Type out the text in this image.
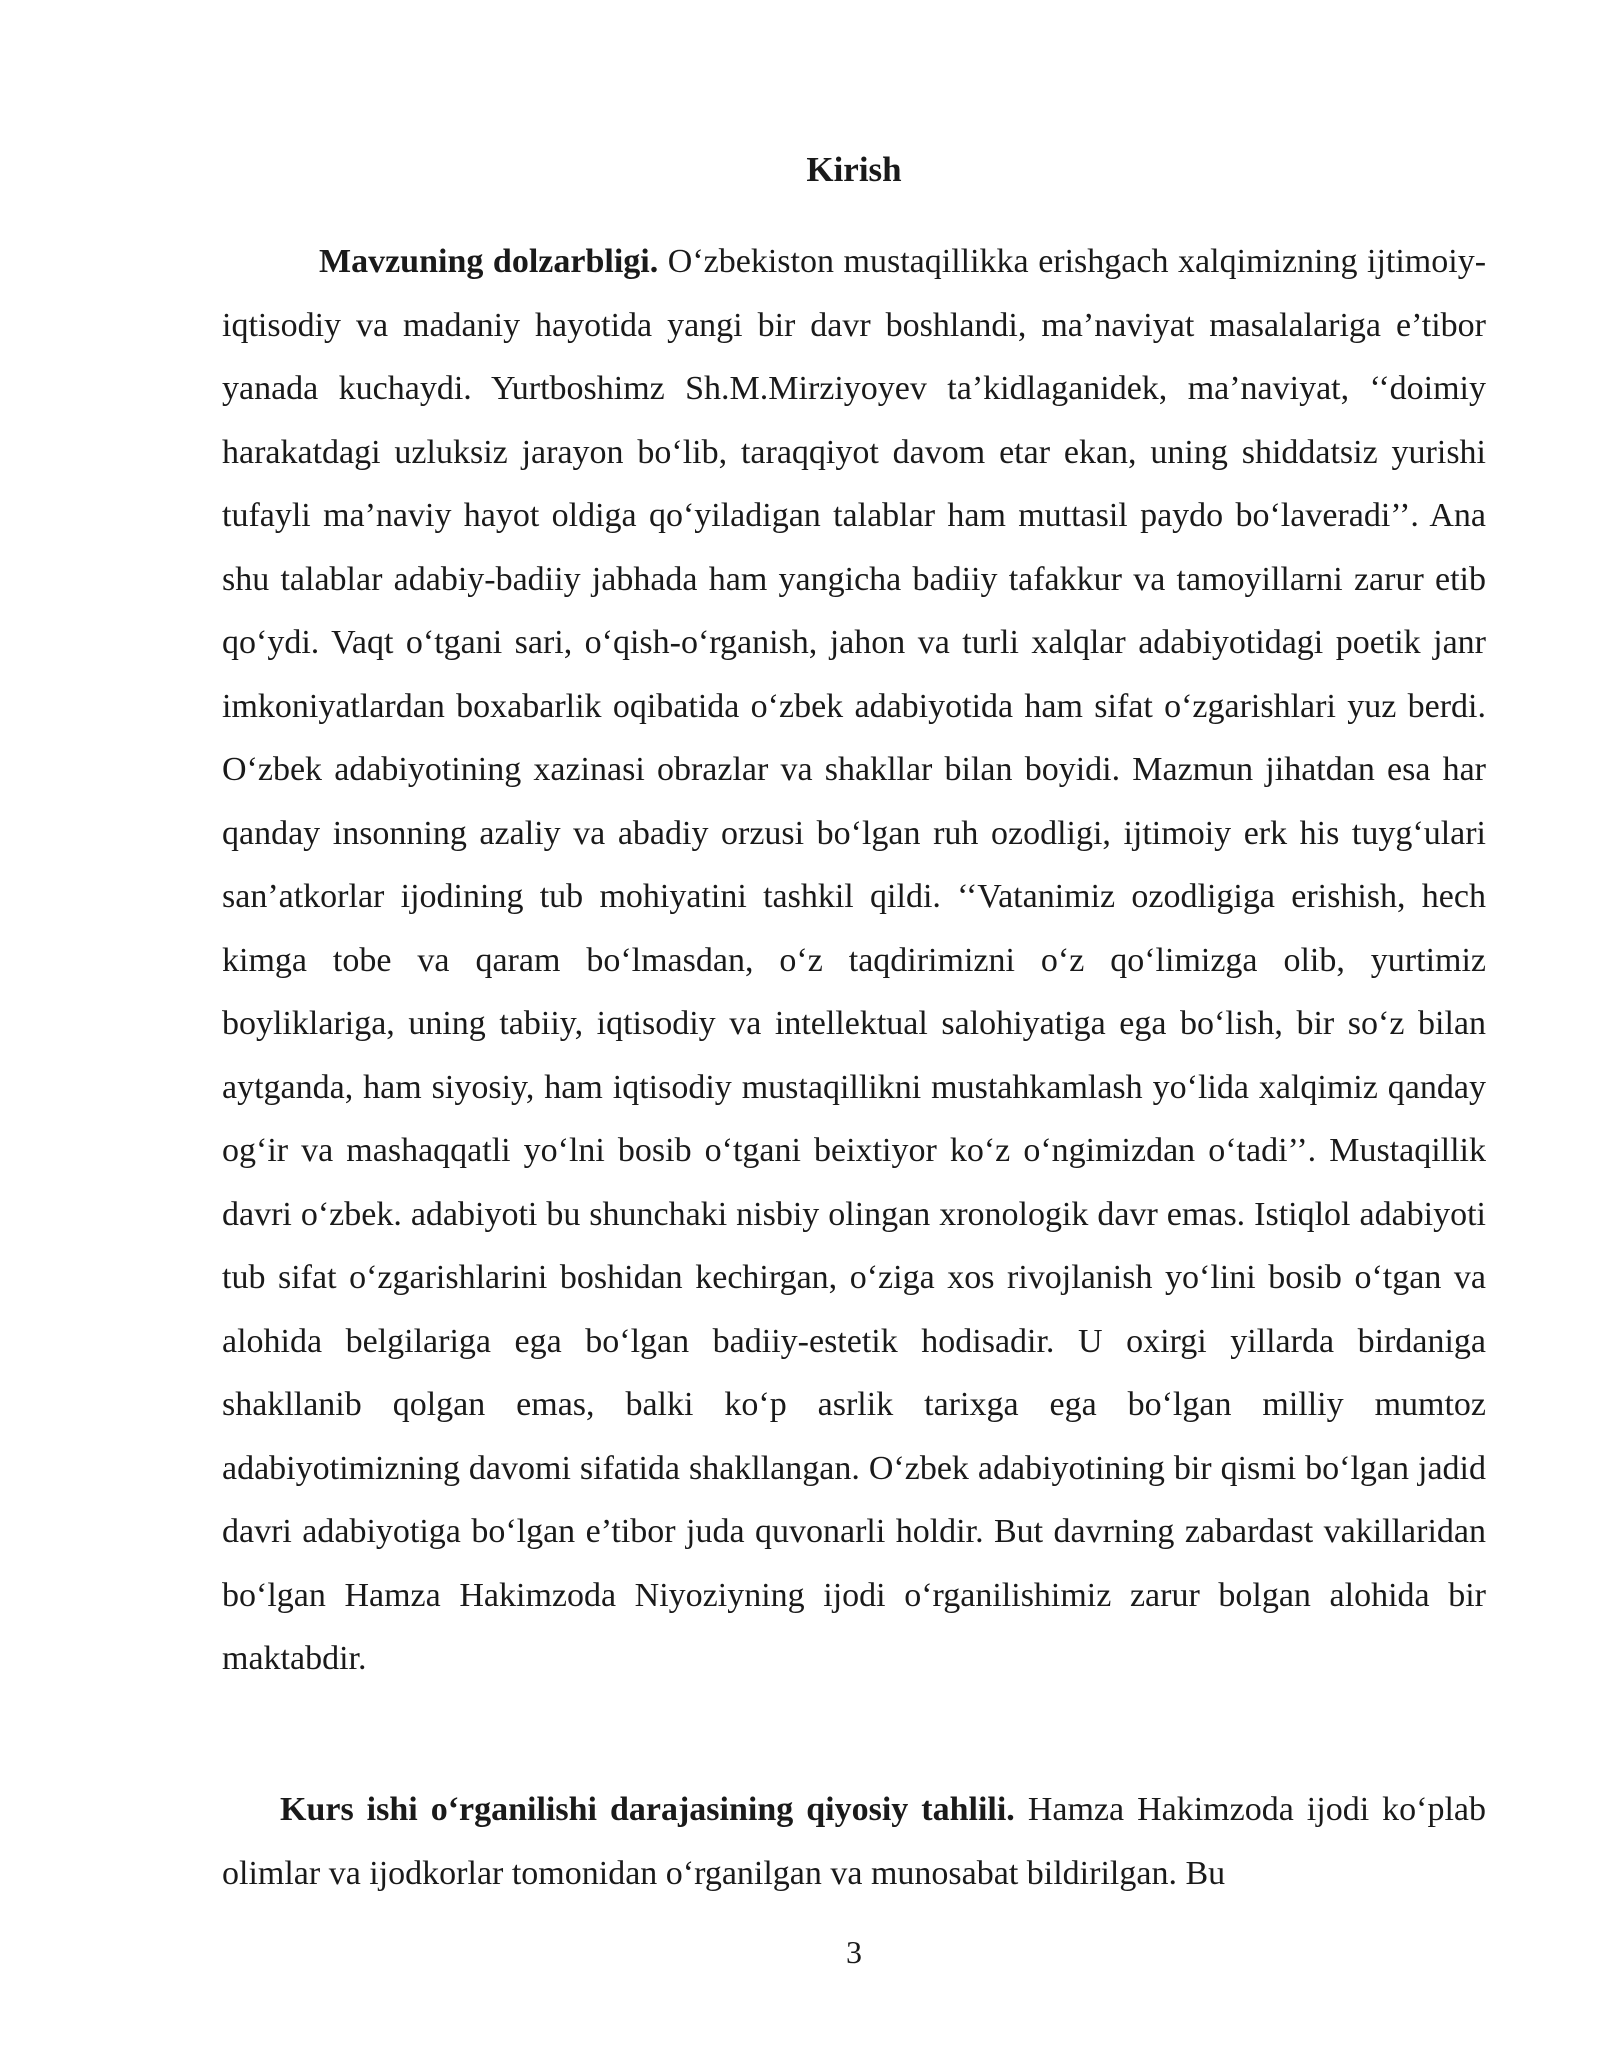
Kirish

Mavzuning dolzarbligi. O‘zbekiston mustaqillikka erishgach xalqimizning ijtimoiy-iqtisodiy va madaniy hayotida yangi bir davr boshlandi, ma’naviyat masalalariga e’tibor yanada kuchaydi. Yurtboshimz Sh.M.Mirziyoyev ta’kidlaganidek, ma’naviyat, ‘‘doimiy harakatdagi uzluksiz jarayon bo‘lib, taraqqiyot davom etar ekan, uning shiddatsiz yurishi tufayli ma’naviy hayot oldiga qo‘yiladigan talablar ham muttasil paydo bo‘laveradi’’. Ana shu talablar adabiy-badiiy jabhada ham yangicha badiiy tafakkur va tamoyillarni zarur etib qo‘ydi. Vaqt o‘tgani sari, o‘qish-o‘rganish, jahon va turli xalqlar adabiyotidagi poetik janr imkoniyatlardan boxabarlik oqibatida o‘zbek adabiyotida ham sifat o‘zgarishlari yuz berdi. O‘zbek adabiyotining xazinasi obrazlar va shakllar bilan boyidi. Mazmun jihatdan esa har qanday insonning azaliy va abadiy orzusi bo‘lgan ruh ozodligi, ijtimoiy erk his tuyg‘ulari san’atkorlar ijodining tub mohiyatini tashkil qildi. ‘‘Vatanimiz ozodligiga erishish, hech kimga tobe va qaram bo‘lmasdan, o‘z taqdirimizni o‘z qo‘limizga olib, yurtimiz boyliklariga, uning tabiiy, iqtisodiy va intellektual salohiyatiga ega bo‘lish, bir so‘z bilan aytganda, ham siyosiy, ham iqtisodiy mustaqillikni mustahkamlash yo‘lida xalqimiz qanday og‘ir va mashaqqatli yo‘lni bosib o‘tgani beixtiyor ko‘z o‘ngimizdan o‘tadi’’. Mustaqillik davri o‘zbek. adabiyoti bu shunchaki nisbiy olingan xronologik davr emas. Istiqlol adabiyoti tub sifat o‘zgarishlarini boshidan kechirgan, o‘ziga xos rivojlanish yo‘lini bosib o‘tgan va alohida belgilariga ega bo‘lgan badiiy-estetik hodisadir. U oxirgi yillarda birdaniga shakllanib qolgan emas, balki ko‘p asrlik tarixga ega bo‘lgan milliy mumtoz adabiyotimizning davomi sifatida shakllangan. O‘zbek adabiyotining bir qismi bo‘lgan jadid davri adabiyotiga bo‘lgan e’tibor juda quvonarli holdir. But davrning zabardast vakillaridan bo‘lgan Hamza Hakimzoda Niyoziyning ijodi o‘rganilishimiz zarur bolgan alohida bir maktabdir.

Kurs ishi o‘rganilishi darajasining qiyosiy tahlili. Hamza Hakimzoda ijodi ko‘plab olimlar va ijodkorlar tomonidan o‘rganilgan va munosabat bildirilgan. Bu

3
